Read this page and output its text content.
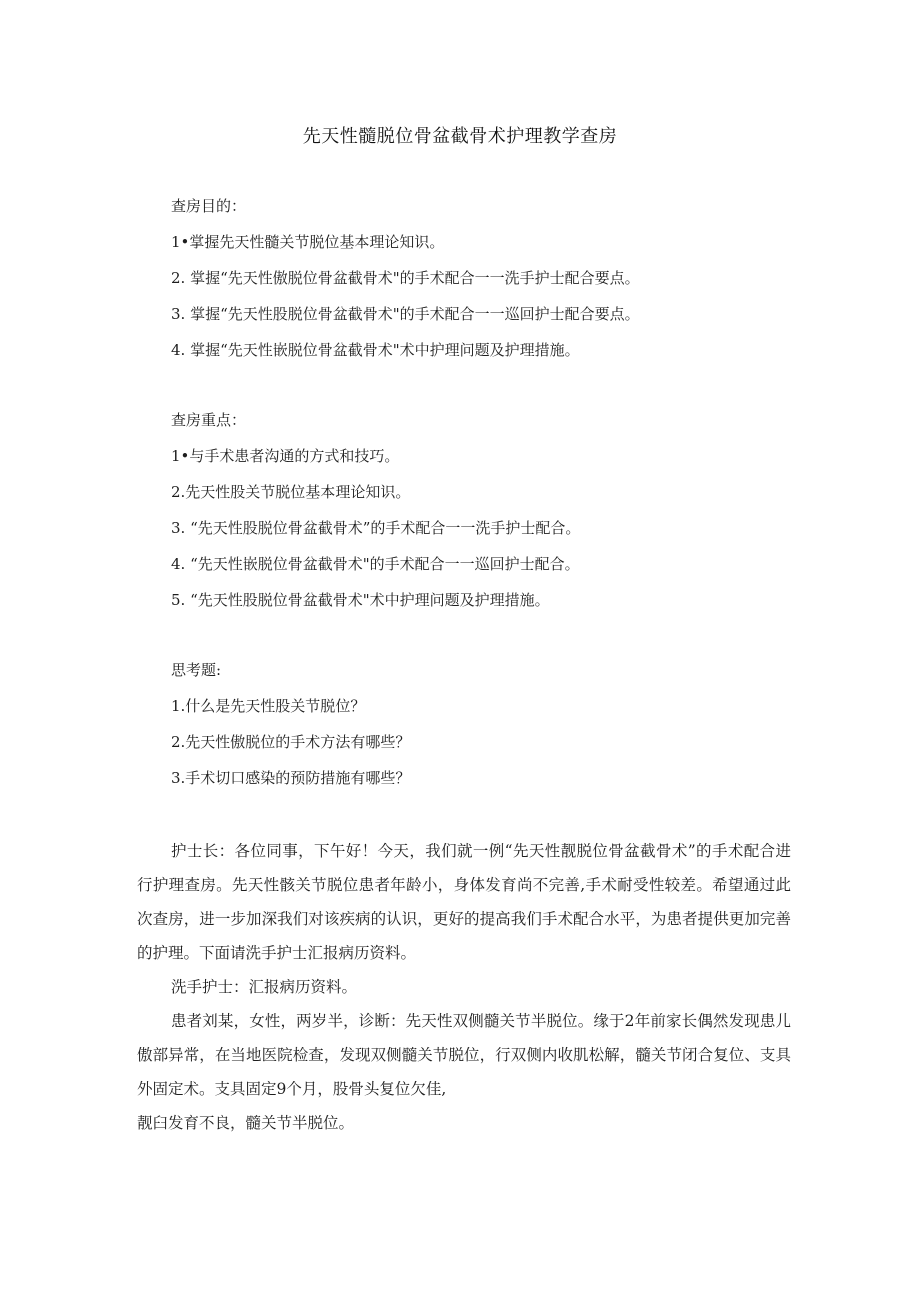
先天性髓脱位骨盆截骨术护理教学查房

查房目的：

1•掌握先天性髓关节脱位基本理论知识。

2. 掌握“先天性傲脱位骨盆截骨术"的手术配合一一洗手护士配合要点。

3. 掌握“先天性股脱位骨盆截骨术"的手术配合一一巡回护士配合要点。

4. 掌握“先天性嵌脱位骨盆截骨术"术中护理问题及护理措施。

查房重点：

1•与手术患者沟通的方式和技巧。

2.先天性股关节脱位基本理论知识。

3. “先天性股脱位骨盆截骨术”的手术配合一一洗手护士配合。

4. “先天性嵌脱位骨盆截骨术"的手术配合一一巡回护士配合。

5. “先天性股脱位骨盆截骨术"术中护理问题及护理措施。

思考题:

1.什么是先天性股关节脱位？

2.先天性傲脱位的手术方法有哪些？

3.手术切口感染的预防措施有哪些？

护士长：各位同事，下午好！今天，我们就一例“先天性靓脱位骨盆截骨术”的手术配合进行护理查房。先天性骸关节脱位患者年龄小，身体发育尚不完善,手术耐受性较差。希望通过此次查房，进一步加深我们对该疾病的认识，更好的提高我们手术配合水平，为患者提供更加完善的护理。下面请洗手护士汇报病历资料。

洗手护士：汇报病历资料。

患者刘某，女性，两岁半，诊断：先天性双侧髓关节半脱位。缘于2年前家长偶然发现患儿傲部异常，在当地医院检查，发现双侧髓关节脱位，行双侧内收肌松解，髓关节闭合复位、支具外固定术。支具固定9个月，股骨头复位欠佳,

靓臼发育不良，髓关节半脱位。
